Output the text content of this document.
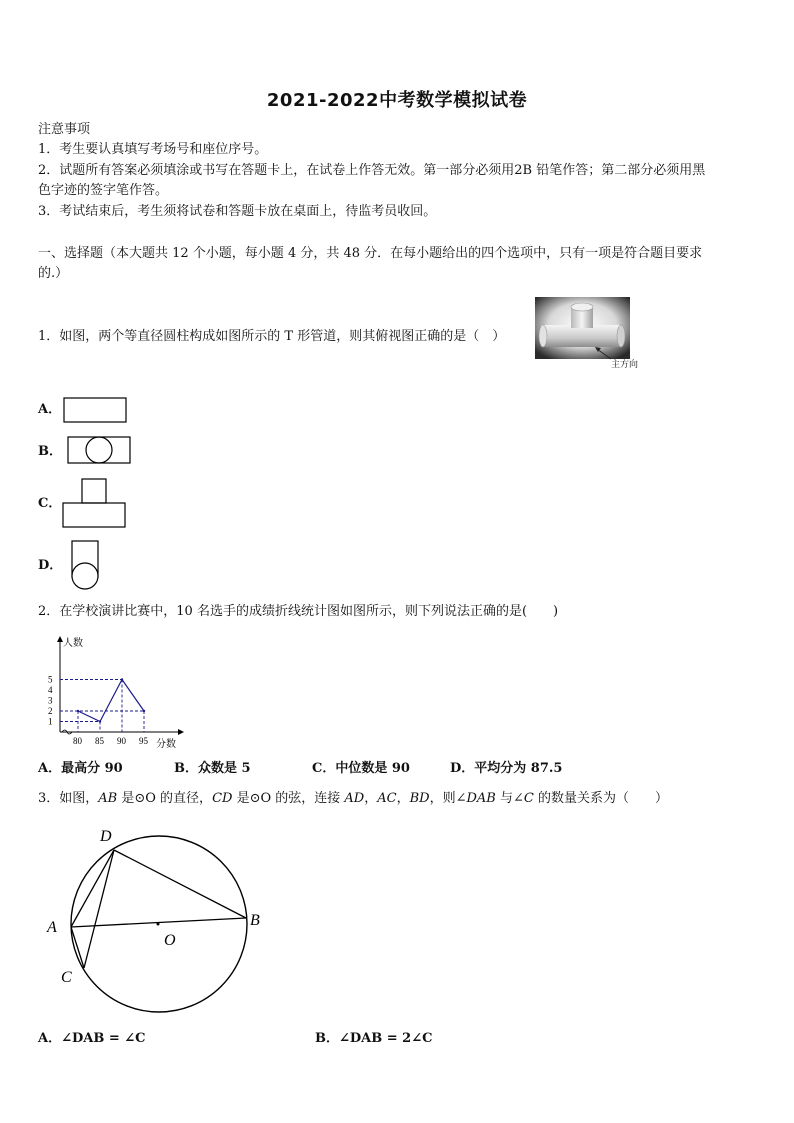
2021-2022中考数学模拟试卷
注意事项
1．考生要认真填写考场号和座位序号。
2．试题所有答案必须填涂或书写在答题卡上，在试卷上作答无效。第一部分必须用2B 铅笔作答；第二部分必须用黑
色字迹的签字笔作答。
3．考试结束后，考生须将试卷和答题卡放在桌面上，待监考员收回。
一、选择题（本大题共 12 个小题，每小题 4 分，共 48 分．在每小题给出的四个选项中，只有一项是符合题目要求
的.）
1．如图，两个等直径圆柱构成如图所示的 T 形管道，则其俯视图正确的是（　）
主方向
A．
B．
C．
D．
2．在学校演讲比赛中，10 名选手的成绩折线统计图如图所示，则下列说法正确的是(　　)
人数
分数
1
2
3
4
5
80 85 90 95
A．最高分 90	B．众数是 5	C．中位数是 90	D．平均分为 87.5
3．如图，AB 是⊙O 的直径，CD 是⊙O 的弦，连接 AD，AC，BD，则∠DAB 与∠C 的数量关系为（　　）
D
A
C
B
O
A．∠DAB = ∠C	B．∠DAB = 2∠C
